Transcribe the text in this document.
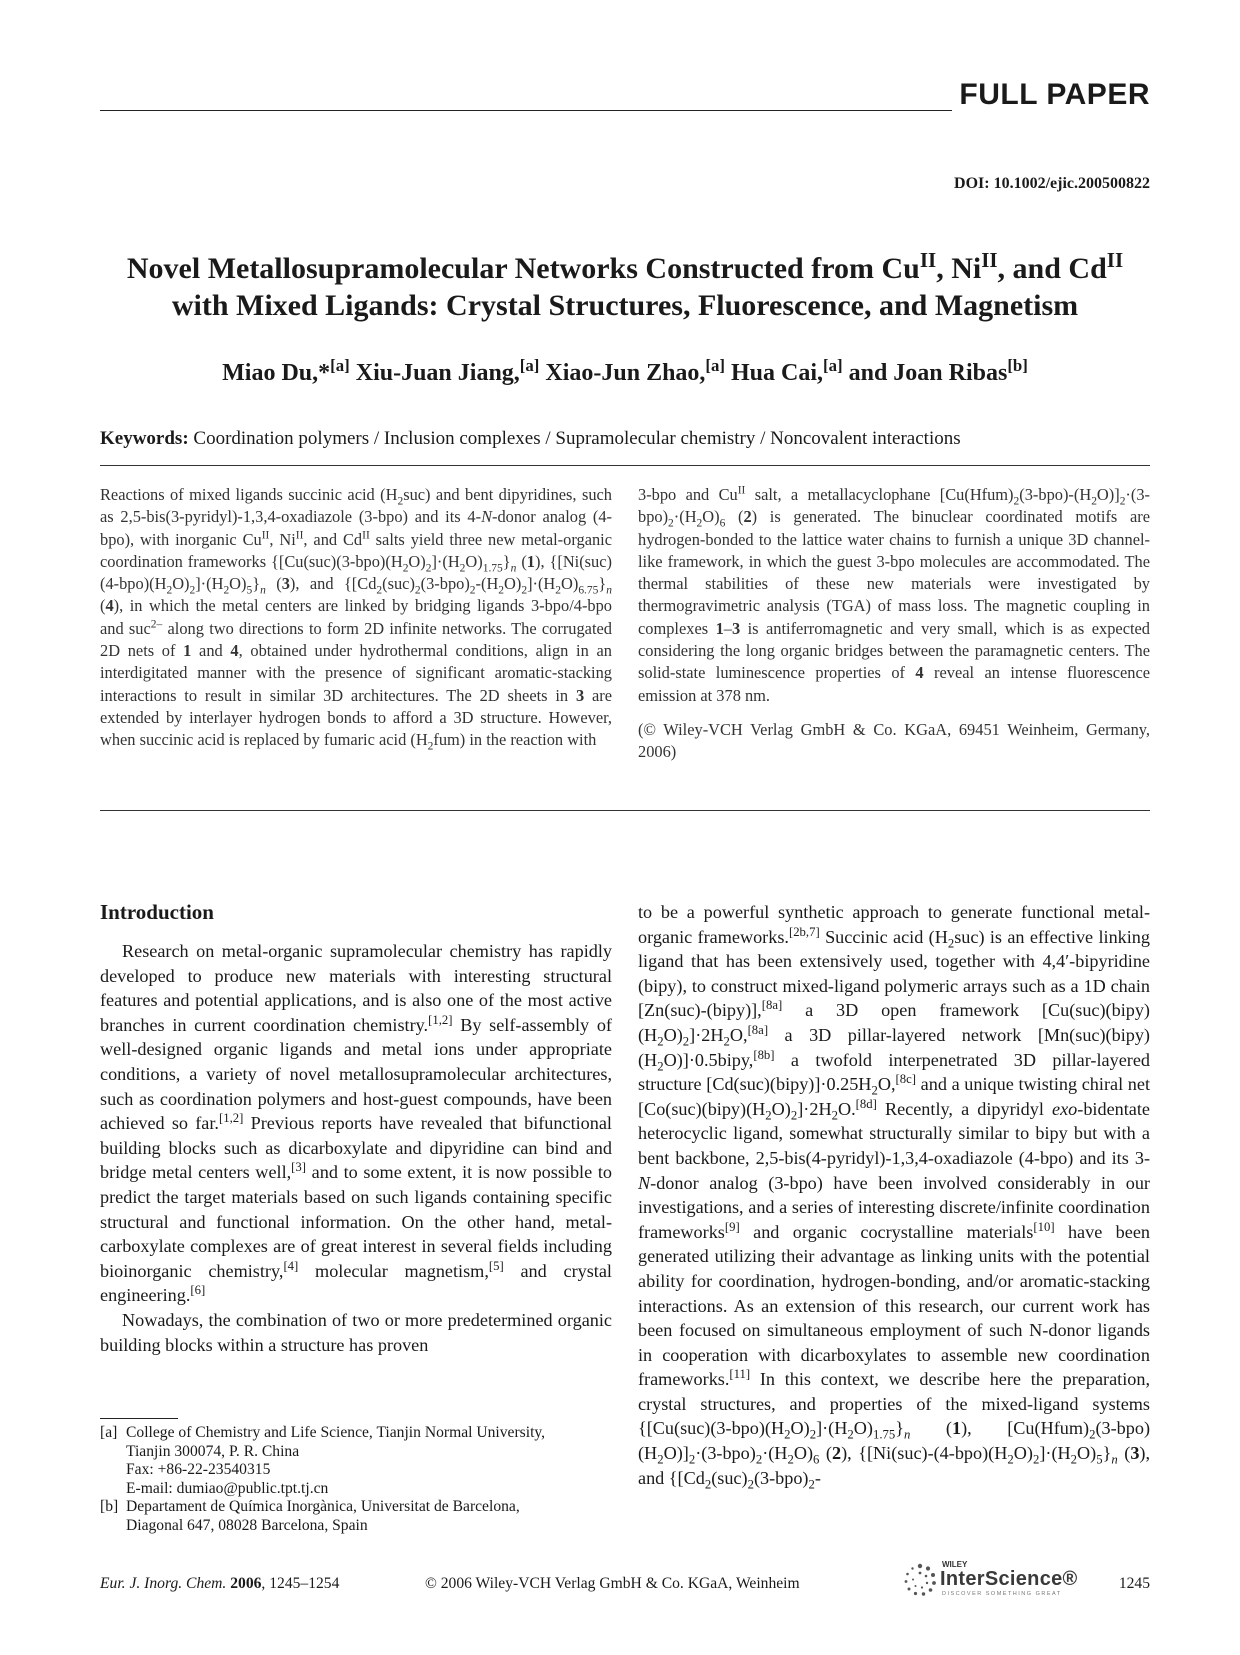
FULL PAPER
DOI: 10.1002/ejic.200500822
Novel Metallosupramolecular Networks Constructed from $Cu^{II}$, $Ni^{II}$, and $Cd^{II}$
with Mixed Ligands: Crystal Structures, Fluorescence, and Magnetism
Miao Du,*[a] Xiu-Juan Jiang,[a] Xiao-Jun Zhao,[a] Hua Cai,[a] and Joan Ribas[b]
Keywords: Coordination polymers / Inclusion complexes / Supramolecular chemistry / Noncovalent interactions

Reactions of mixed ligands succinic acid $(H_2suc)$ and bent dipyridines, such as 2,5-bis(3-pyridyl)-1,3,4-oxadiazole (3-bpo) and its 4-N-donor analog (4-bpo), with inorganic $Cu^{II}$, $Ni^{II}$, and $Cd^{II}$ salts yield three new metal-organic coordination frameworks $\{[Cu(suc)(3-bpo)(H_2O)_2]\cdot(H_2O)_{1.75}\}_n$ (1), $\{[Ni(suc)(4-bpo)(H_2O)_2]\cdot(H_2O)_5\}_n$ (3), and $\{[Cd_2(suc)_2(3-bpo)_2-(H_2O)_2]\cdot(H_2O)_{6.75}\}_n$ (4), in which the metal centers are linked by bridging ligands 3-bpo/4-bpo and suc$^{2-}$ along two directions to form 2D infinite networks. The corrugated 2D nets of 1 and 4, obtained under hydrothermal conditions, align in an interdigitated manner with the presence of significant aromatic-stacking interactions to result in similar 3D architectures. The 2D sheets in 3 are extended by interlayer hydrogen bonds to afford a 3D structure. However, when succinic acid is replaced by fumaric acid $(H_2fum)$ in the reaction with

3-bpo and $Cu^{II}$ salt, a metallacyclophane $[Cu(Hfum)_2(3-bpo)-(H_2O)]_2\cdot(3-bpo)_2\cdot(H_2O)_6$ (2) is generated. The binuclear coordinated motifs are hydrogen-bonded to the lattice water chains to furnish a unique 3D channel-like framework, in which the guest 3-bpo molecules are accommodated. The thermal stabilities of these new materials were investigated by thermogravimetric analysis (TGA) of mass loss. The magnetic coupling in complexes 1–3 is antiferromagnetic and very small, which is as expected considering the long organic bridges between the paramagnetic centers. The solid-state luminescence properties of 4 reveal an intense fluorescence emission at 378 nm.

(© Wiley-VCH Verlag GmbH & Co. KGaA, 69451 Weinheim, Germany, 2006)

Introduction

Research on metal-organic supramolecular chemistry has rapidly developed to produce new materials with interesting structural features and potential applications, and is also one of the most active branches in current coordination chemistry.[1,2] By self-assembly of well-designed organic ligands and metal ions under appropriate conditions, a variety of novel metallosupramolecular architectures, such as coordination polymers and host-guest compounds, have been achieved so far.[1,2] Previous reports have revealed that bifunctional building blocks such as dicarboxylate and dipyridine can bind and bridge metal centers well,[3] and to some extent, it is now possible to predict the target materials based on such ligands containing specific structural and functional information. On the other hand, metal-carboxylate complexes are of great interest in several fields including bioinorganic chemistry,[4] molecular magnetism,[5] and crystal engineering.[6]

Nowadays, the combination of two or more predetermined organic building blocks within a structure has proven

to be a powerful synthetic approach to generate functional metal-organic frameworks.[2b,7] Succinic acid $(H_2suc)$ is an effective linking ligand that has been extensively used, together with 4,4′-bipyridine (bipy), to construct mixed-ligand polymeric arrays such as a 1D chain [Zn(suc)-(bipy)],[8a] a 3D open framework $[Cu(suc)(bipy)(H_2O)_2]\cdot 2H_2O,[8a]$ a 3D pillar-layered network $[Mn(suc)(bipy)(H_2O)]\cdot 0.5bipy,[8b]$ a twofold interpenetrated 3D pillar-layered structure $[Cd(suc)(bipy)]\cdot 0.25H_2O,[8c]$ and a unique twisting chiral net $[Co(suc)(bipy)(H_2O)_2]\cdot 2H_2O.[8d]$ Recently, a dipyridyl exo-bidentate heterocyclic ligand, somewhat structurally similar to bipy but with a bent backbone, 2,5-bis(4-pyridyl)-1,3,4-oxadiazole (4-bpo) and its 3-N-donor analog (3-bpo) have been involved considerably in our investigations, and a series of interesting discrete/infinite coordination frameworks[9] and organic cocrystalline materials[10] have been generated utilizing their advantage as linking units with the potential ability for coordination, hydrogen-bonding, and/or aromatic-stacking interactions. As an extension of this research, our current work has been focused on simultaneous employment of such N-donor ligands in cooperation with dicarboxylates to assemble new coordination frameworks.[11] In this context, we describe here the preparation, crystal structures, and properties of the mixed-ligand systems $\{[Cu(suc)(3-bpo)(H_2O)_2]\cdot(H_2O)_{1.75}\}_n$ (1), $[Cu(Hfum)_2(3-bpo)(H_2O)]_2\cdot(3-bpo)_2\cdot(H_2O)_6$ (2), $\{[Ni(suc)-(4-bpo)(H_2O)_2]\cdot(H_2O)_5\}_n$ (3), and {[$Cd_2(suc)_2(3-bpo)_2-$

[a] College of Chemistry and Life Science, Tianjin Normal University,
Tianjin 300074, P. R. China
Fax: +86-22-23540315
E-mail: dumiao@public.tpt.tj.cn
[b] Departament de Química Inorgànica, Universitat de Barcelona,
Diagonal 647, 08028 Barcelona, Spain
Eur. J. Inorg. Chem. 2006, 1245–1254	© 2006 Wiley-VCH Verlag GmbH & Co. KGaA, Weinheim
WILEY
InterScience®
DISCOVER SOMETHING GREAT
1245
